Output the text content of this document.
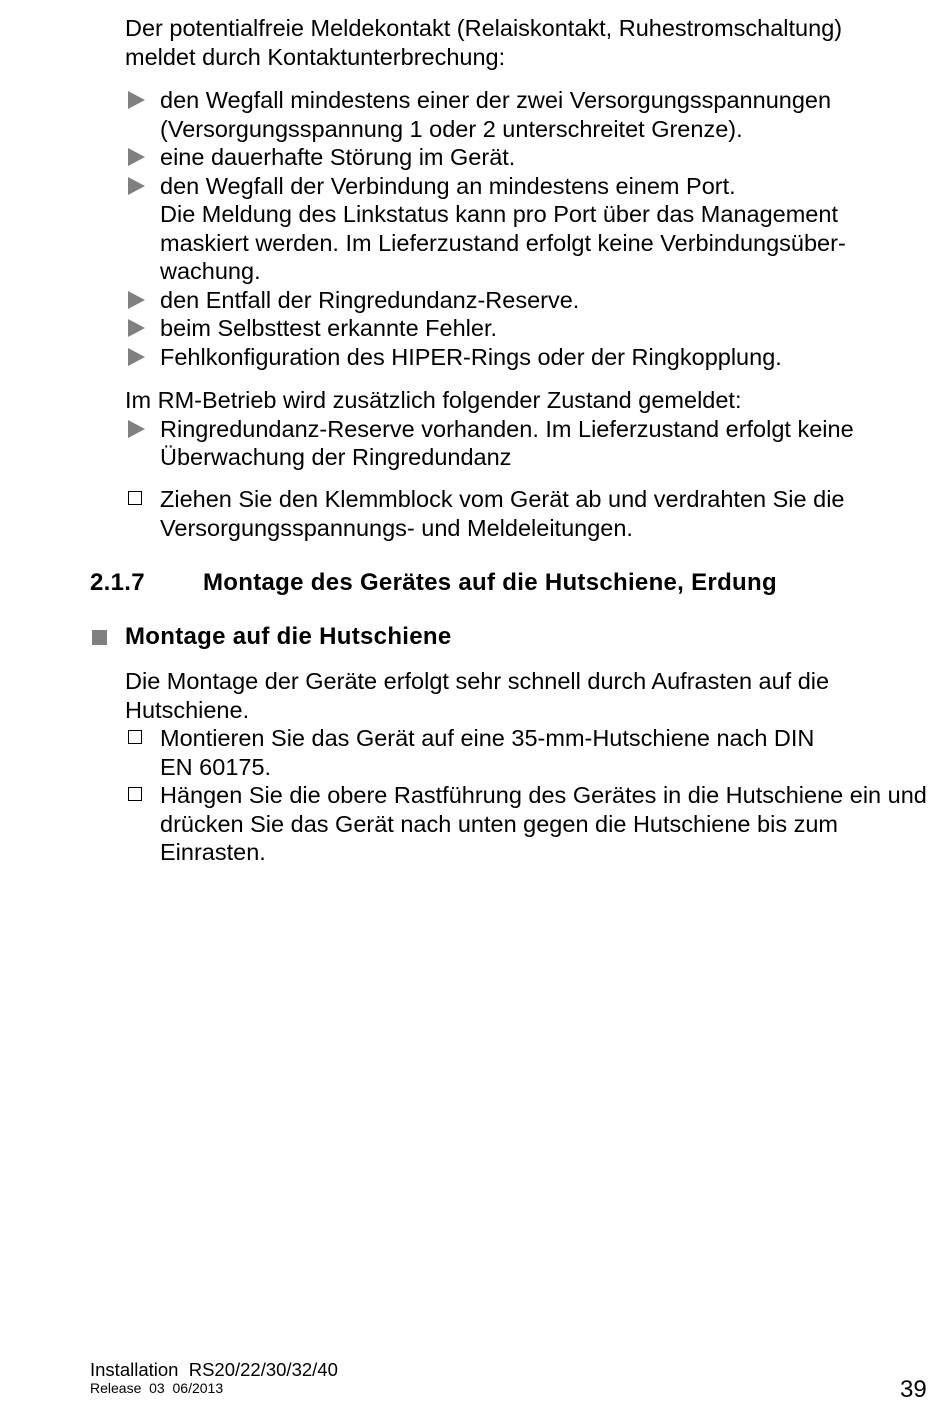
Der potentialfreie Meldekontakt (Relaiskontakt, Ruhestromschaltung)
meldet durch Kontaktunterbrechung:

den Wegfall mindestens einer der zwei Versorgungsspannungen (Versorgungsspannung 1 oder 2 unterschreitet Grenze).
eine dauerhafte Störung im Gerät.
den Wegfall der Verbindung an mindestens einem Port.
Die Meldung des Linkstatus kann pro Port über das Management
maskiert werden. Im Lieferzustand erfolgt keine Verbindungsüber-
wachung.
den Entfall der Ringredundanz-Reserve.
beim Selbsttest erkannte Fehler.
Fehlkonfiguration des HIPER-Rings oder der Ringkopplung.

Im RM-Betrieb wird zusätzlich folgender Zustand gemeldet:

Ringredundanz-Reserve vorhanden. Im Lieferzustand erfolgt keine Überwachung der Ringredundanz
Ziehen Sie den Klemmblock vom Gerät ab und verdrahten Sie die Versorgungsspannungs- und Meldeleitungen.
2.1.7 Montage des Gerätes auf die Hutschiene, Erdung
Montage auf die Hutschiene

Die Montage der Geräte erfolgt sehr schnell durch Aufrasten auf die Hutschiene.

Montieren Sie das Gerät auf eine 35-mm-Hutschiene nach DIN EN 60175.
Hängen Sie die obere Rastführung des Gerätes in die Hutschiene ein und drücken Sie das Gerät nach unten gegen die Hutschiene bis zum Einrasten.
Installation  RS20/22/30/32/40
Release  03  06/2013	39
